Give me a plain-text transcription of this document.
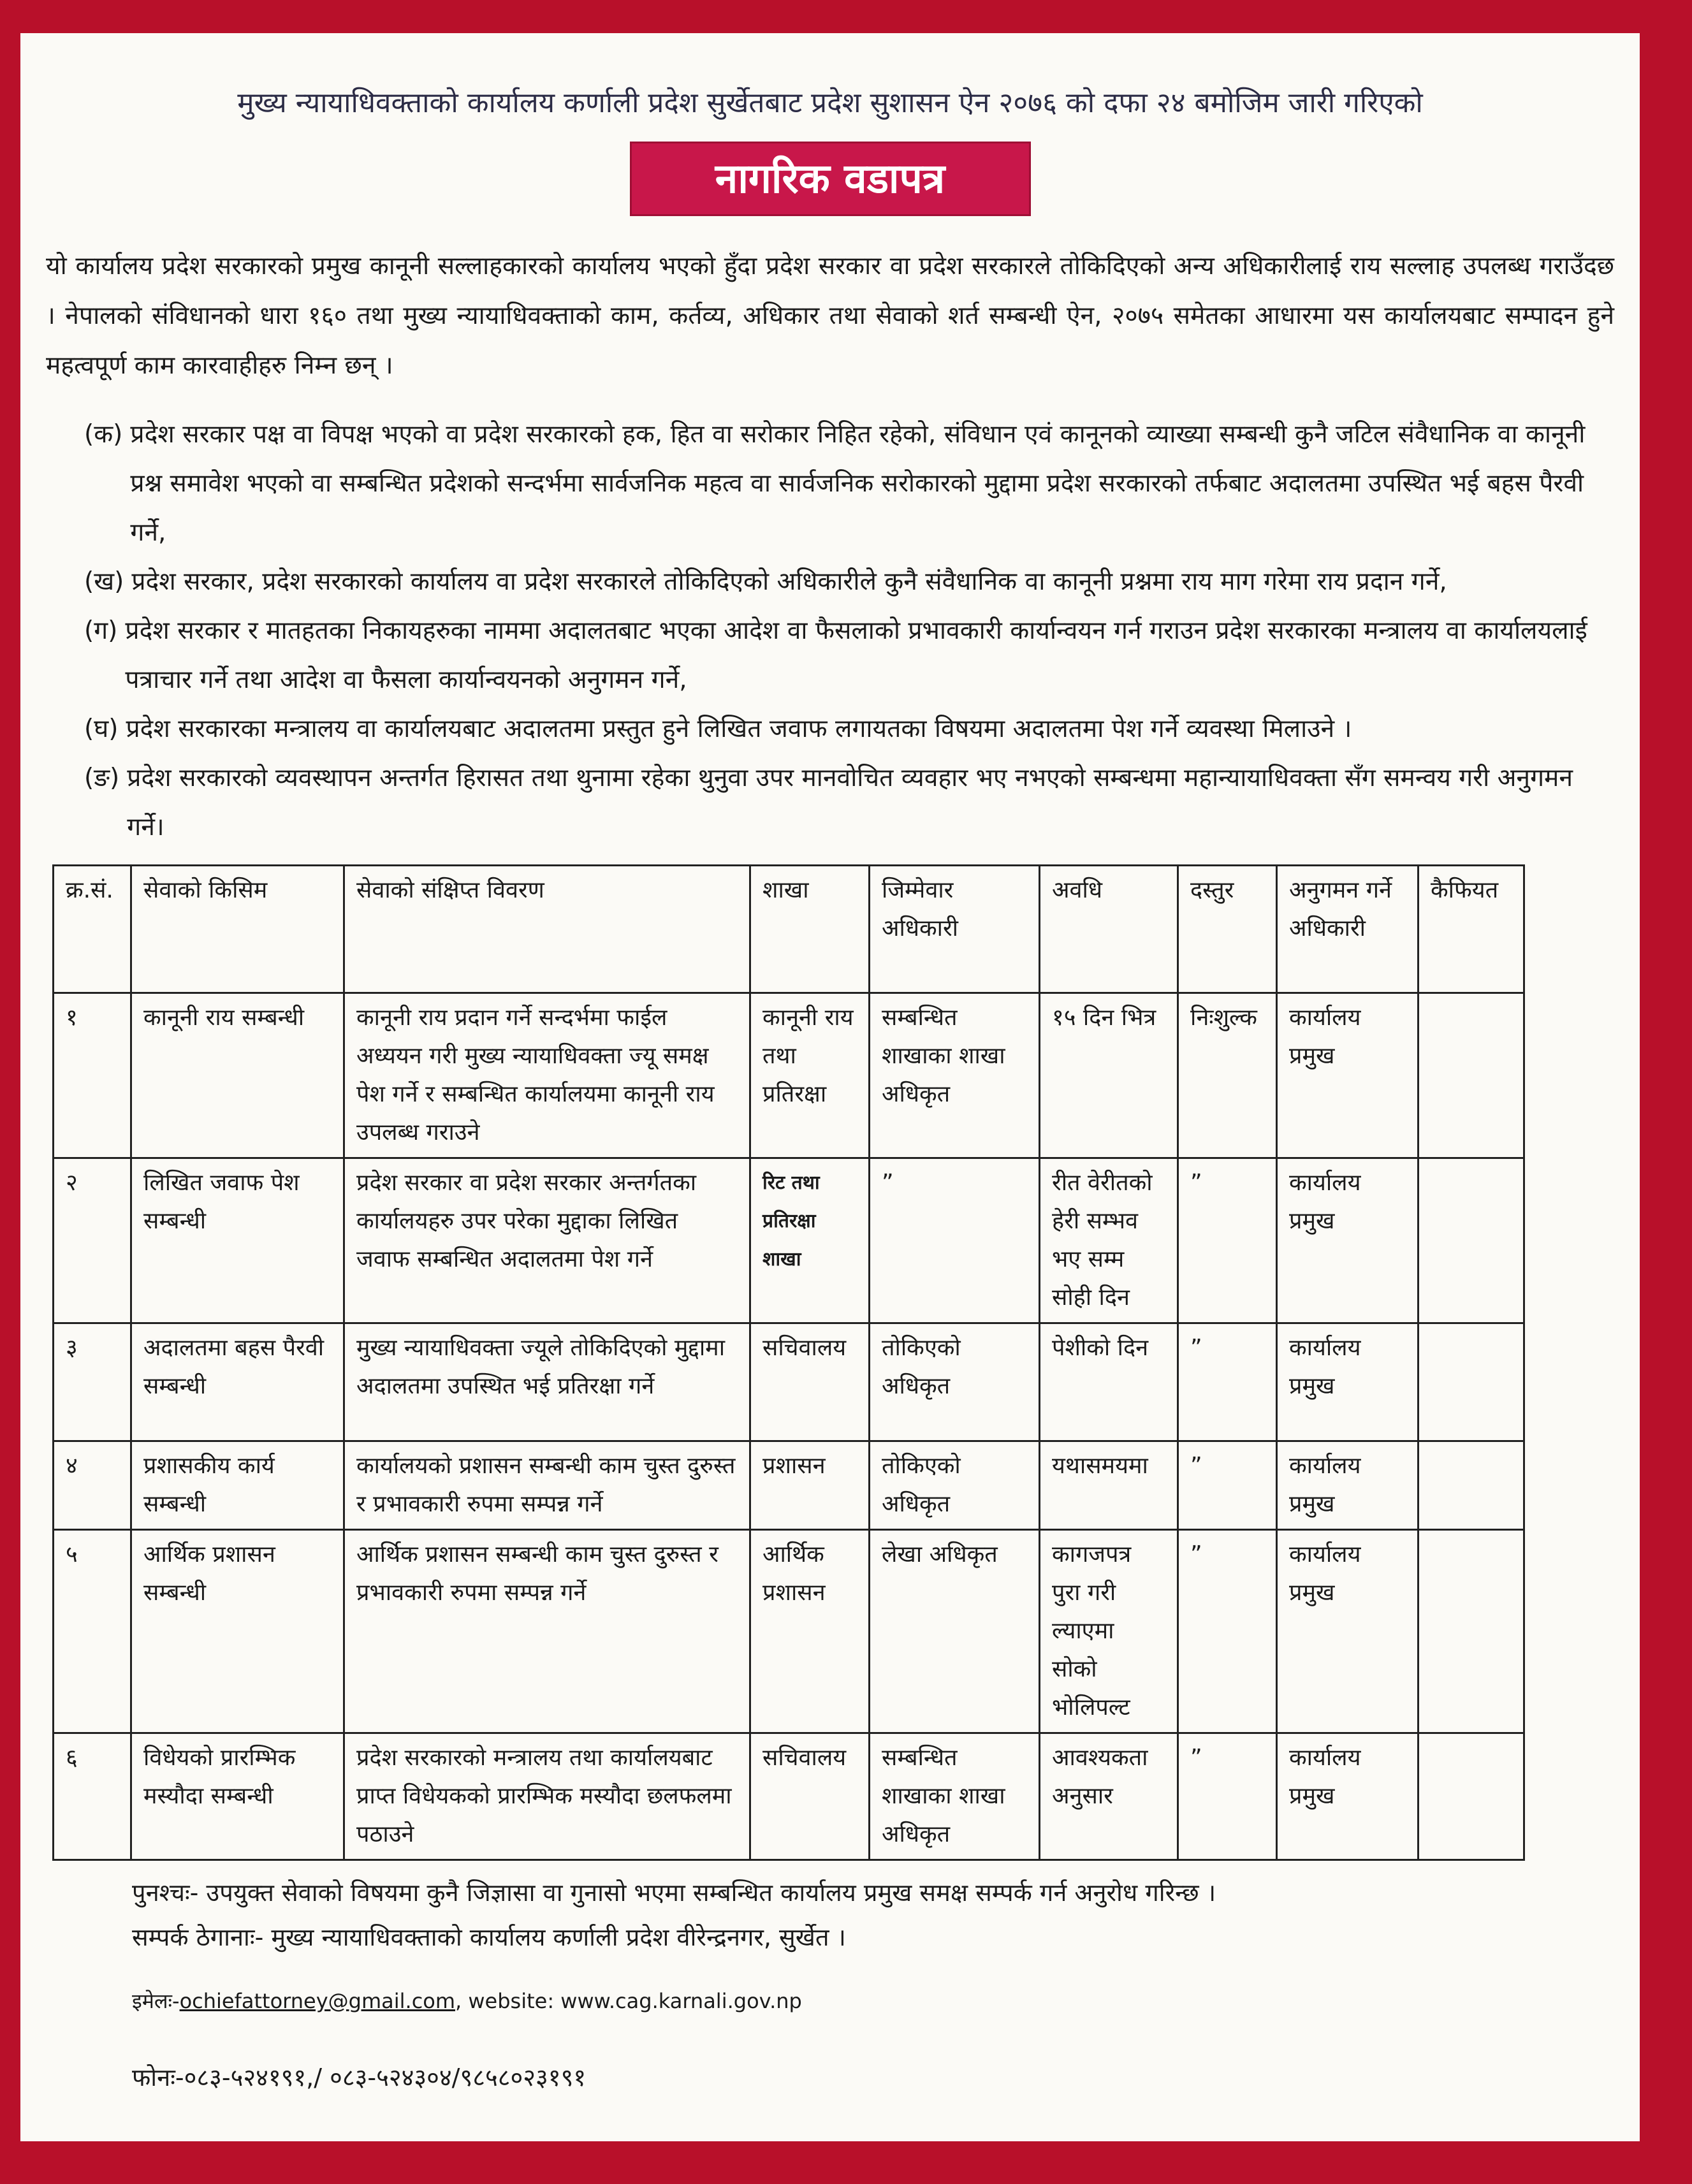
मुख्य न्यायाधिवक्ताको कार्यालय कर्णाली प्रदेश सुर्खेतबाट प्रदेश सुशासन ऐन २०७६ को दफा २४ बमोजिम जारी गरिएको
नागरिक वडापत्र
यो कार्यालय प्रदेश सरकारको प्रमुख कानूनी सल्लाहकारको कार्यालय भएको हुँदा प्रदेश सरकार वा प्रदेश सरकारले तोकिदिएको अन्य अधिकारीलाई राय सल्लाह उपलब्ध गराउँदछ । नेपालको संविधानको धारा १६० तथा मुख्य न्यायाधिवक्ताको काम, कर्तव्य, अधिकार तथा सेवाको शर्त सम्बन्धी ऐन, २०७५ समेतका आधारमा यस कार्यालयबाट सम्पादन हुने महत्वपूर्ण काम कारवाहीहरु निम्न छन् ।
(क) प्रदेश सरकार पक्ष वा विपक्ष भएको वा प्रदेश सरकारको हक, हित वा सरोकार निहित रहेको, संविधान एवं कानूनको व्याख्या सम्बन्धी कुनै जटिल संवैधानिक वा कानूनी प्रश्न समावेश भएको वा सम्बन्धित प्रदेशको सन्दर्भमा सार्वजनिक महत्व वा सार्वजनिक सरोकारको मुद्दामा प्रदेश सरकारको तर्फबाट अदालतमा उपस्थित भई बहस पैरवी गर्ने,
(ख) प्रदेश सरकार, प्रदेश सरकारको कार्यालय वा प्रदेश सरकारले तोकिदिएको अधिकारीले कुनै संवैधानिक वा कानूनी प्रश्नमा राय माग गरेमा राय प्रदान गर्ने,
(ग) प्रदेश सरकार र मातहतका निकायहरुका नाममा अदालतबाट भएका आदेश वा फैसलाको प्रभावकारी कार्यान्वयन गर्न गराउन प्रदेश सरकारका मन्त्रालय वा कार्यालयलाई पत्राचार गर्ने तथा आदेश वा फैसला कार्यान्वयनको अनुगमन गर्ने,
(घ) प्रदेश सरकारका मन्त्रालय वा कार्यालयबाट अदालतमा प्रस्तुत हुने लिखित जवाफ लगायतका विषयमा अदालतमा पेश गर्ने व्यवस्था मिलाउने ।
(ङ) प्रदेश सरकारको व्यवस्थापन अन्तर्गत हिरासत तथा थुनामा रहेका थुनुवा उपर मानवोचित व्यवहार भए नभएको सम्बन्धमा महान्यायाधिवक्ता सँग समन्वय गरी अनुगमन गर्ने।
क्र.सं.	सेवाको किसिम	सेवाको संक्षिप्त विवरण	शाखा	जिम्मेवार अधिकारी	अवधि	दस्तुर	अनुगमन गर्ने अधिकारी	कैफियत
१	कानूनी राय सम्बन्धी	कानूनी राय प्रदान गर्ने सन्दर्भमा फाईल अध्ययन गरी मुख्य न्यायाधिवक्ता ज्यू समक्ष पेश गर्ने र सम्बन्धित कार्यालयमा कानूनी राय उपलब्ध गराउने	कानूनी राय तथा प्रतिरक्षा	सम्बन्धित शाखाका शाखा अधिकृत	१५ दिन भित्र	निःशुल्क	कार्यालय प्रमुख	
२	लिखित जवाफ पेश सम्बन्धी	प्रदेश सरकार वा प्रदेश सरकार अन्तर्गतका कार्यालयहरु उपर परेका मुद्दाका लिखित जवाफ सम्बन्धित अदालतमा पेश गर्ने	रिट तथा प्रतिरक्षा शाखा	”	रीत वेरीतको हेरी सम्भव भए सम्म सोही दिन	”	कार्यालय प्रमुख	
३	अदालतमा बहस पैरवी सम्बन्धी	मुख्य न्यायाधिवक्ता ज्यूले तोकिदिएको मुद्दामा अदालतमा उपस्थित भई प्रतिरक्षा गर्ने	सचिवालय	तोकिएको अधिकृत	पेशीको दिन	”	कार्यालय प्रमुख	
४	प्रशासकीय कार्य सम्बन्धी	कार्यालयको प्रशासन सम्बन्धी काम चुस्त दुरुस्त र प्रभावकारी रुपमा सम्पन्न गर्ने	प्रशासन	तोकिएको अधिकृत	यथासमयमा	”	कार्यालय प्रमुख	
५	आर्थिक प्रशासन सम्बन्धी	आर्थिक प्रशासन सम्बन्धी काम चुस्त दुरुस्त र प्रभावकारी रुपमा सम्पन्न गर्ने	आर्थिक प्रशासन	लेखा अधिकृत	कागजपत्र पुरा गरी ल्याएमा सोको भोलिपल्ट	”	कार्यालय प्रमुख	
६	विधेयको प्रारम्भिक मस्यौदा सम्बन्धी	प्रदेश सरकारको मन्त्रालय तथा कार्यालयबाट प्राप्त विधेयकको प्रारम्भिक मस्यौदा छलफलमा पठाउने	सचिवालय	सम्बन्धित शाखाका शाखा अधिकृत	आवश्यकता अनुसार	”	कार्यालय प्रमुख	
पुनश्चः- उपयुक्त सेवाको विषयमा कुनै जिज्ञासा वा गुनासो भएमा सम्बन्धित कार्यालय प्रमुख समक्ष सम्पर्क गर्न अनुरोध गरिन्छ ।
सम्पर्क ठेगानाः- मुख्य न्यायाधिवक्ताको कार्यालय कर्णाली प्रदेश वीरेन्द्रनगर, सुर्खेत ।
इमेलः-ochiefattorney@gmail.com, website: www.cag.karnali.gov.np
फोनः-०८३-५२४१९१,/ ०८३-५२४३०४/९८५८०२३१९१
